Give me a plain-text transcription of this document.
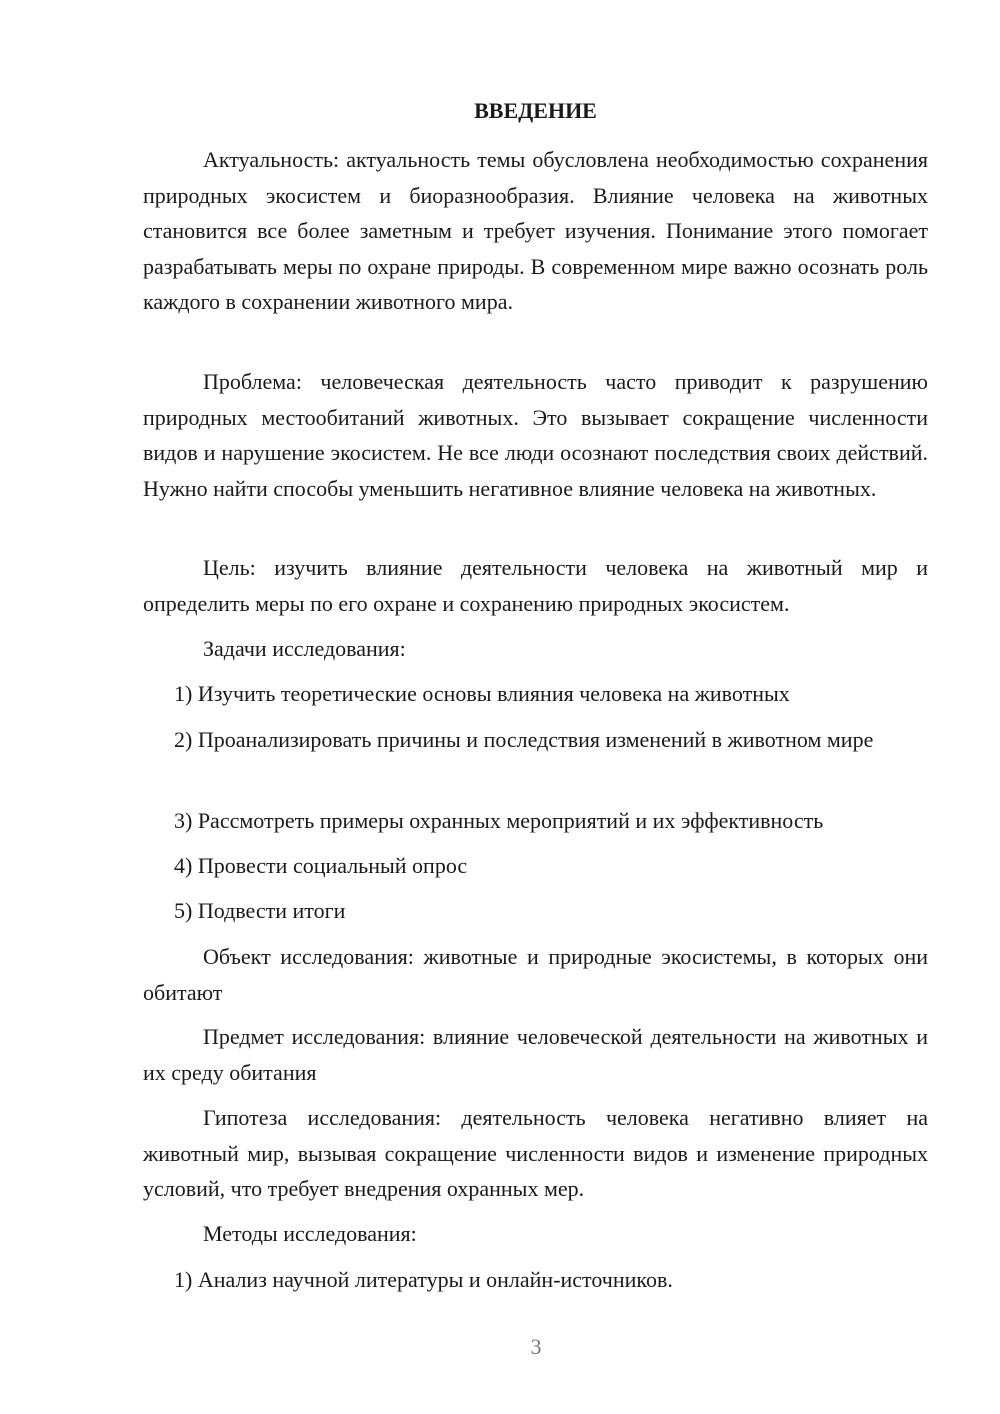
ВВЕДЕНИЕ

Актуальность: актуальность темы обусловлена необходимостью сохранения природных экосистем и биоразнообразия. Влияние человека на животных становится все более заметным и требует изучения. Понимание этого помогает разрабатывать меры по охране природы. В современном мире важно осознать роль каждого в сохранении животного мира.

Проблема: человеческая деятельность часто приводит к разрушению природных местообитаний животных. Это вызывает сокращение численности видов и нарушение экосистем. Не все люди осознают последствия своих действий. Нужно найти способы уменьшить негативное влияние человека на животных.

Цель: изучить влияние деятельности человека на животный мир и определить меры по его охране и сохранению природных экосистем.

Задачи исследования:

1) Изучить теоретические основы влияния человека на животных

2) Проанализировать причины и последствия изменений в животном мире

3) Рассмотреть примеры охранных мероприятий и их эффективность

4) Провести социальный опрос

5) Подвести итоги

Объект исследования: животные и природные экосистемы, в которых они обитают

Предмет исследования: влияние человеческой деятельности на животных и их среду обитания

Гипотеза исследования: деятельность человека негативно влияет на животный мир, вызывая сокращение численности видов и изменение природных условий, что требует внедрения охранных мер.

Методы исследования:

1) Анализ научной литературы и онлайн-источников.

3
